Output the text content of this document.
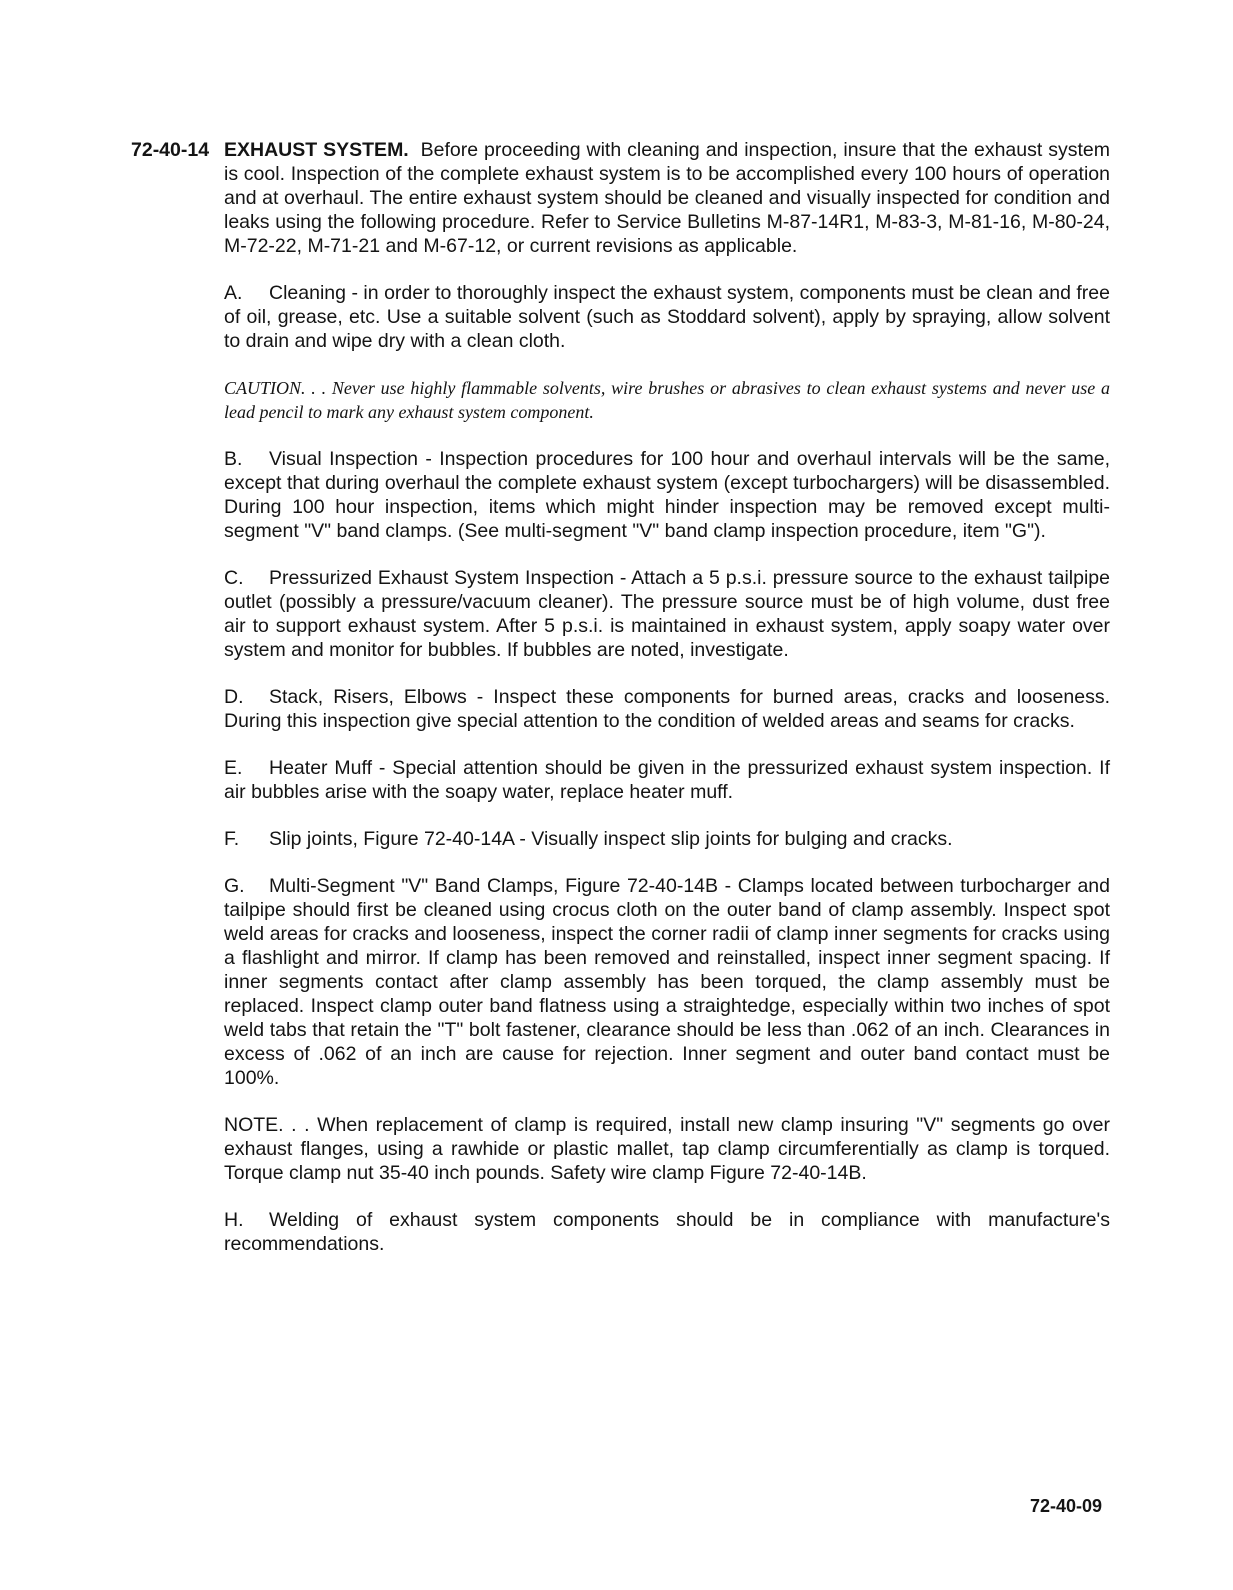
72-40-14 EXHAUST SYSTEM. Before proceeding with cleaning and inspection, insure that the exhaust system is cool. Inspection of the complete exhaust system is to be accomplished every 100 hours of operation and at overhaul. The entire exhaust system should be cleaned and visually inspected for condition and leaks using the following procedure. Refer to Service Bulletins M-87-14R1, M-83-3, M-81-16, M-80-24, M-72-22, M-71-21 and M-67-12, or current revisions as applicable.

A. Cleaning - in order to thoroughly inspect the exhaust system, components must be clean and free of oil, grease, etc. Use a suitable solvent (such as Stoddard solvent), apply by spraying, allow solvent to drain and wipe dry with a clean cloth.

CAUTION. . . Never use highly flammable solvents, wire brushes or abrasives to clean exhaust systems and never use a lead pencil to mark any exhaust system component.

B. Visual Inspection - Inspection procedures for 100 hour and overhaul intervals will be the same, except that during overhaul the complete exhaust system (except turbochargers) will be disassembled. During 100 hour inspection, items which might hinder inspection may be removed except multi-segment "V" band clamps. (See multi-segment "V" band clamp inspection procedure, item "G").

C. Pressurized Exhaust System Inspection - Attach a 5 p.s.i. pressure source to the exhaust tailpipe outlet (possibly a pressure/vacuum cleaner). The pressure source must be of high volume, dust free air to support exhaust system. After 5 p.s.i. is maintained in exhaust system, apply soapy water over system and monitor for bubbles. If bubbles are noted, investigate.

D. Stack, Risers, Elbows - Inspect these components for burned areas, cracks and looseness. During this inspection give special attention to the condition of welded areas and seams for cracks.

E. Heater Muff - Special attention should be given in the pressurized exhaust system inspection. If air bubbles arise with the soapy water, replace heater muff.

F. Slip joints, Figure 72-40-14A - Visually inspect slip joints for bulging and cracks.

G. Multi-Segment "V" Band Clamps, Figure 72-40-14B - Clamps located between turbocharger and tailpipe should first be cleaned using crocus cloth on the outer band of clamp assembly. Inspect spot weld areas for cracks and looseness, inspect the corner radii of clamp inner segments for cracks using a flashlight and mirror. If clamp has been removed and reinstalled, inspect inner segment spacing. If inner segments contact after clamp assembly has been torqued, the clamp assembly must be replaced. Inspect clamp outer band flatness using a straightedge, especially within two inches of spot weld tabs that retain the "T" bolt fastener, clearance should be less than .062 of an inch. Clearances in excess of .062 of an inch are cause for rejection. Inner segment and outer band contact must be 100%.

NOTE. . . When replacement of clamp is required, install new clamp insuring "V" segments go over exhaust flanges, using a rawhide or plastic mallet, tap clamp circumferentially as clamp is torqued. Torque clamp nut 35-40 inch pounds. Safety wire clamp Figure 72-40-14B.

H. Welding of exhaust system components should be in compliance with manufacture's recommendations.

72-40-09
